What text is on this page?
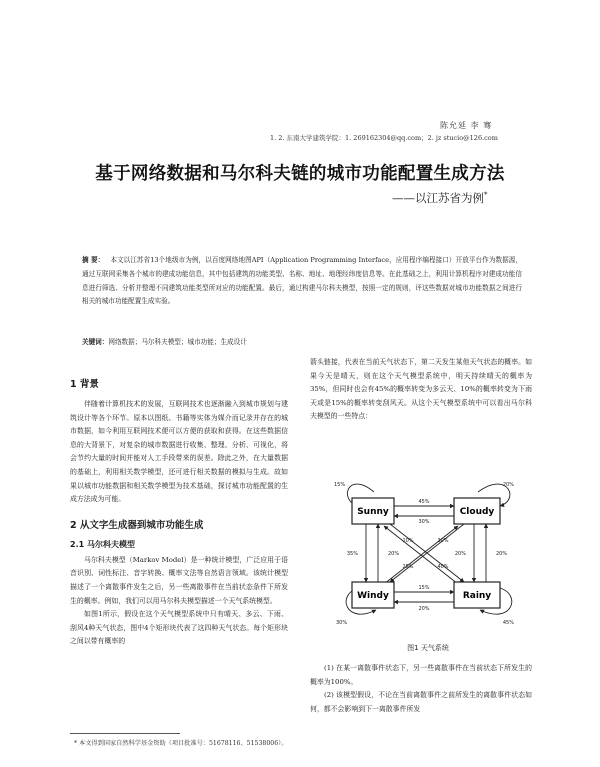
陈允延 李 骞
1. 2. 东南大学建筑学院：1. 269162304@qq.com；2. jz stucio@126.com
基于网络数据和马尔科夫链的城市功能配置生成方法
——以江苏省为例*
摘 要： 本文以江苏省13个地级市为例，以百度网络地图API（Application Programming Interface，应用程序编程接口）开放平台作为数据源，通过互联网采集各个城市的建成功能信息，其中包括建筑的功能类型、名称、地址、地理经纬度信息等。在此基础之上，利用计算机程序对建成功能信息进行筛选、分析并整理不同建筑功能类型所对应的功能配置。最后，通过构建马尔科夫模型，按照一定的规则，评这些数据对城市功能数据之间进行相关的城市功能配置生成实验。
关键词：网络数据；马尔科夫模型；城市功能；生成设计
1 背景

伴随着计算机技术的发展，互联网技术也逐渐融入到城市规划与建筑设计等各个环节。原本以图纸、书籍等实体为媒介而记录并存在的城市数据，如今利用互联网技术便可以方便的获取和获得。在这些数据信息的大背景下，对复杂的城市数据进行收集、整理、分析、可视化，将会节约大量的时间并能对人工手段带来的误差。除此之外，在大量数据的基础上，利用相关数学模型，还可进行相关数据的模拟与生成。故如果以城市功能数据和相关数学模型为技术基础，探讨城市功能配置的生成方法成为可能。

2 从文字生成器到城市功能生成
2.1 马尔科夫模型

马尔科夫模型（Markov Model）是一种统计模型，广泛应用于语音识别、词性标注、音字转换、概率文法等自然语言领域。该统计模型描述了一个离散事件发生之后，另一些离散事件在当前状态条件下所发生的概率。例如，我们可以用马尔科夫模型描述一个天气系统模型。

如图1所示，假设在这个天气模型系统中只有晴天、多云、下雨、刮风4种天气状态，图中4个矩形块代表了这四种天气状态。每个矩形块之间以带有概率的

箭头链接，代表在当前天气状态下，第二天发生某他天气状态的概率。如果今天是晴天，则在这个天气模型系统中，明天持续晴天的概率为35%，但同时也会有45%的概率转变为多云天、10%的概率转变为下雨天或是15%的概率转变刮风天。从这个天气模型系统中可以看出马尔科夫模型的一些特点：

Sunny	Cloudy
Windy	Rainy
45%
30%
15%	20%
10%
35%	20%
30%
20%	20%
25%	40%
15%
20%
30%	45%
图1 天气系统

(1) 在某一离散事件状态下，另一些离散事件在当前状态下所发生的概率为100%。

(2) 该模型假设，不论在当前离散事件之前所发生的离散事件状态如何，都不会影响到下一离散事件所发

* 本文得到国家自然科学基金资助（项目批准号：51678116、51538006）。
